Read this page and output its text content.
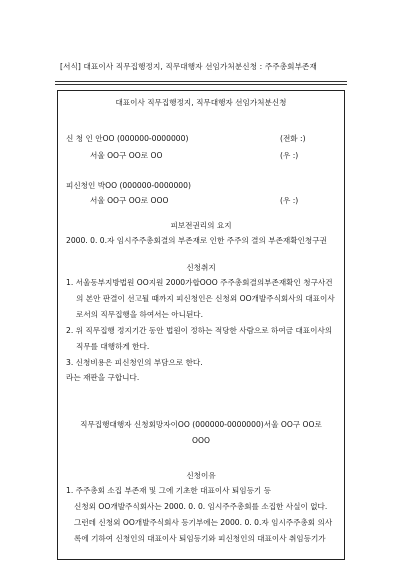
[서식] 대표이사 직무집행정지, 직무대행자 선임가처분신청 : 주주총회부존재
대표이사 직무집행정지, 직무대행자 선임가처분신청
신 청 인 안OO (000000-0000000)	(전화 :)
서울 OO구 OO로 OO	(우 :)
피신청인 박OO (000000-0000000)
서울 OO구 OO로 OOO	(우 :)
피보전권리의 요지
2000. 0. 0.자 임시주주총회결의 부존재로 인한 주주의 결의 부존재확인청구권
신청취지
1. 서울동부지방법원 OO지원 2000가합OOO 주주총회결의부존재확인 청구사건
의 본안 판결이 선고될 때까지 피신청인은 신청외 OO개발주식회사의 대표이사
로서의 직무집행을 하여서는 아니된다.
2. 위 직무집행 정지기간 동안 법원이 정하는 적당한 사람으로 하여금 대표이사의
직무를 대행하게 한다.
3. 신청비용은 피신청인의 부담으로 한다.
라는 재판을 구합니다.
직무집행대행자 신청회망자이OO (000000-0000000)서울 OO구 OO로
OOO
신청이유
1. 주주총회 소집 부존재 및 그에 기초한 대표이사 퇴임등기 등
신청외 OO개발주식회사는 2000. 0. 0. 임시주주총회를 소집한 사실이 없다.
그런데 신청외 OO개발주식회사 등기부에는 2000. 0. 0.자 임시주주총회 의사
록에 기하여 신청인의 대표이사 퇴임등기와 피신청인의 대표이사 취임등기가
